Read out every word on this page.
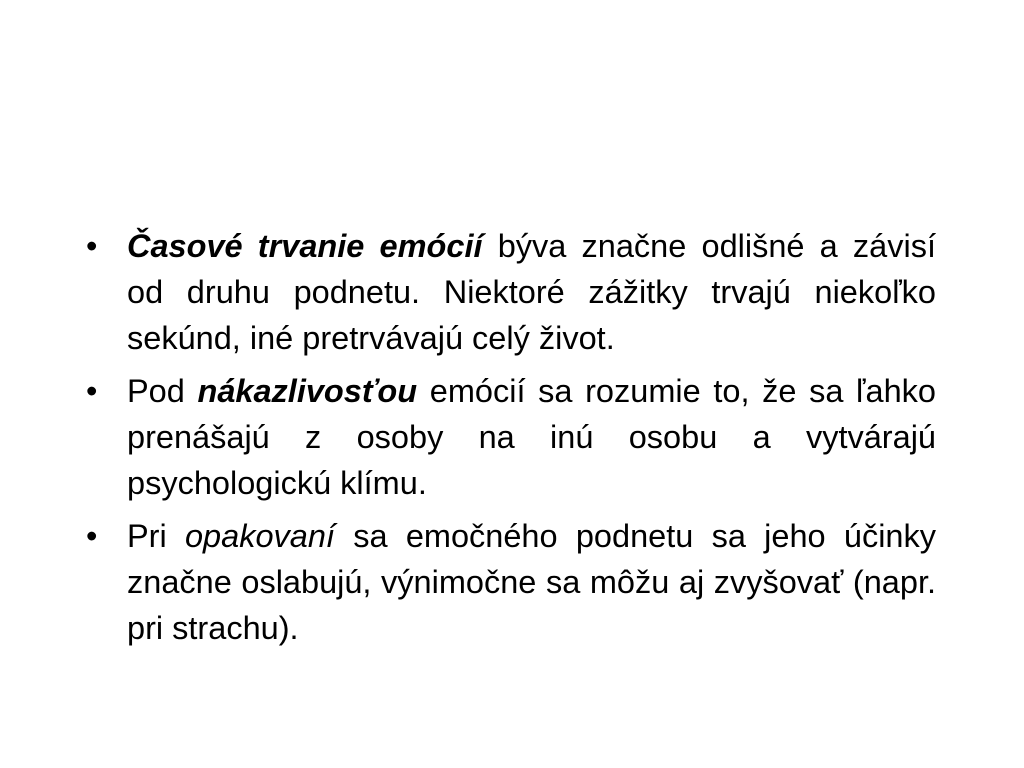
• Časové trvanie emócií býva značne odlišné a závisí od druhu podnetu. Niektoré zážitky trvajú niekoľko sekúnd, iné pretrvávajú celý život.
• Pod nákazlivosťou emócií sa rozumie to, že sa ľahko prenášajú z osoby na inú osobu a vytvárajú psychologickú klímu.
• Pri opakovaní sa emočného podnetu sa jeho účinky značne oslabujú, výnimočne sa môžu aj zvyšovať (napr. pri strachu).
